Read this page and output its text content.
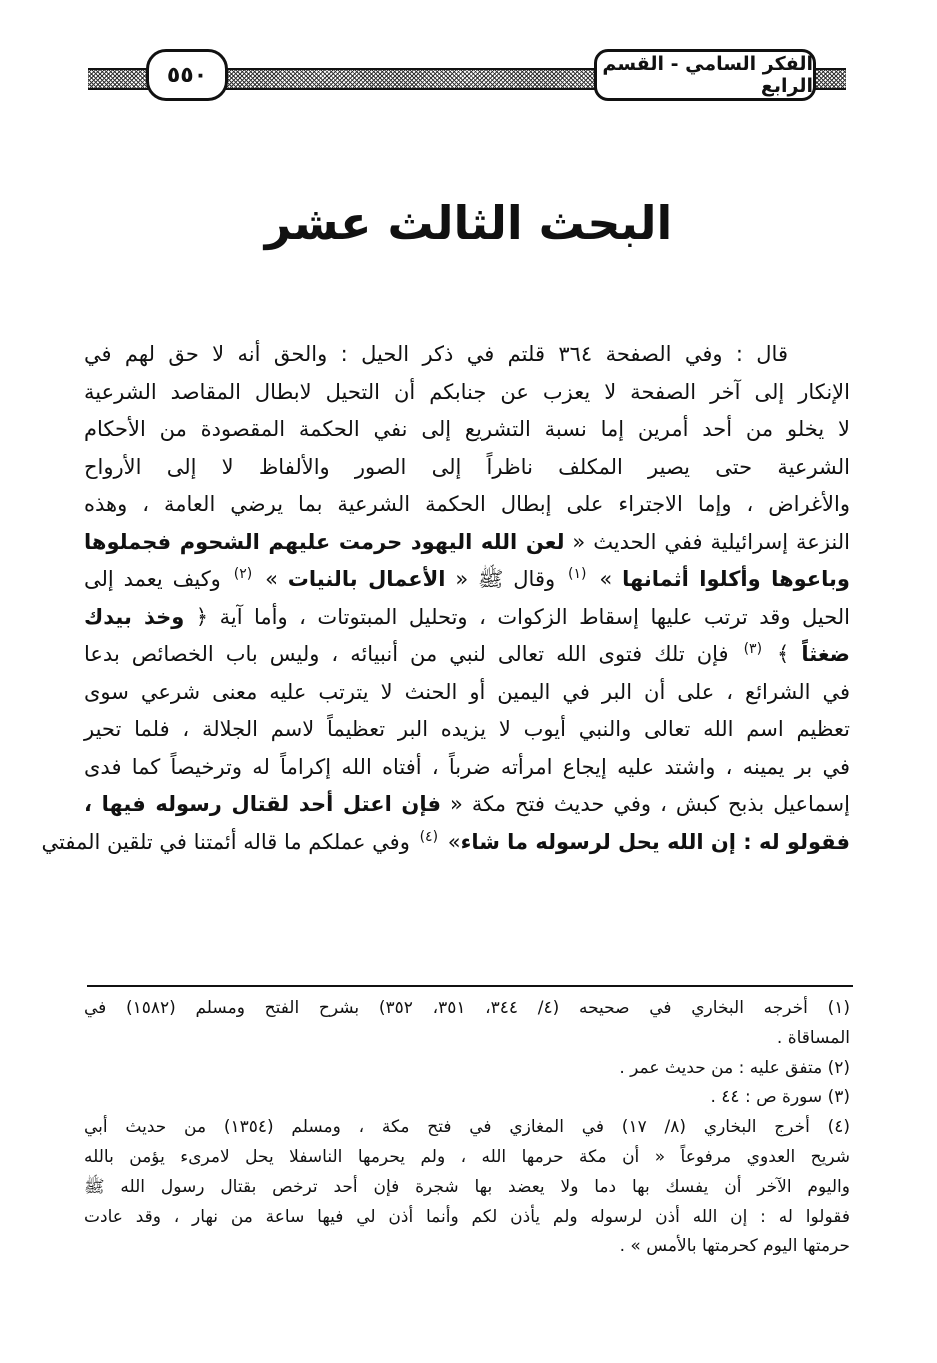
الفكر السامي - القسم الرابع
٥٥٠
البحث الثالث عشر
قال : وفي الصفحة ٣٦٤ قلتم في ذكر الحيل : والحق أنه لا حق لهم في
الإنكار إلى آخر الصفحة لا يعزب عن جنابكم أن التحيل لابطال المقاصد الشرعية
لا يخلو من أحد أمرين إما نسبة التشريع إلى نفي الحكمة المقصودة من الأحكام
الشرعية حتى يصير المكلف ناظراً إلى الصور والألفاظ لا إلى الأرواح
والأغراض ، وإما الاجتراء على إبطال الحكمة الشرعية بما يرضي العامة ، وهذه
النزعة إسرائيلية ففي الحديث « لعن الله اليهود حرمت عليهم الشحوم فجملوها
وباعوها وأكلوا أثمانها » $^{(١)}$ وقال ﷺ « الأعمال بالنيات » $^{(٢)}$ وكيف يعمد إلى
الحيل وقد ترتب عليها إسقاط الزكوات ، وتحليل المبتوتات ، وأما آية ﴿ وخذ بيدك
ضغثاً ﴾ $^{(٣)}$ فإن تلك فتوى الله تعالى لنبي من أنبيائه ، وليس باب الخصائص بدعا
في الشرائع ، على أن البر في اليمين أو الحنث لا يترتب عليه معنى شرعي سوى
تعظيم اسم الله تعالى والنبي أيوب لا يزيده البر تعظيماً لاسم الجلالة ، فلما تحير
في بر يمينه ، واشتد عليه إيجاع امرأته ضرباً ، أفتاه الله إكراماً له وترخيصاً كما فدى
إسماعيل بذبح كبش ، وفي حديث فتح مكة « فإن اعتل أحد لقتال رسوله فيها ،
فقولو له : إن الله يحل لرسوله ما شاء» $^{(٤)}$ وفي عملكم ما قاله أئمتنا في تلقين المفتي
(١) أخرجه البخاري في صحيحه (٤/ ٣٤٤، ٣٥١، ٣٥٢) بشرح الفتح ومسلم (١٥٨٢) في
المساقاة .
(٢) متفق عليه : من حديث عمر .
(٣) سورة ص : ٤٤ .
(٤) أخرج البخاري (٨/ ١٧) في المغازي في فتح مكة ، ومسلم (١٣٥٤) من حديث أبي
شريح العدوي مرفوعاً « أن مكة حرمها الله ، ولم يحرمها الناسفلا يحل لامرىء يؤمن بالله
واليوم الآخر أن يفسك بها دما ولا يعضد بها شجرة فإن أحد ترخص بقتال رسول الله ﷺ
فقولوا له : إن الله أذن لرسوله ولم يأذن لكم وأنما أذن لي فيها ساعة من نهار ، وقد عادت
حرمتها اليوم كحرمتها بالأمس » .
